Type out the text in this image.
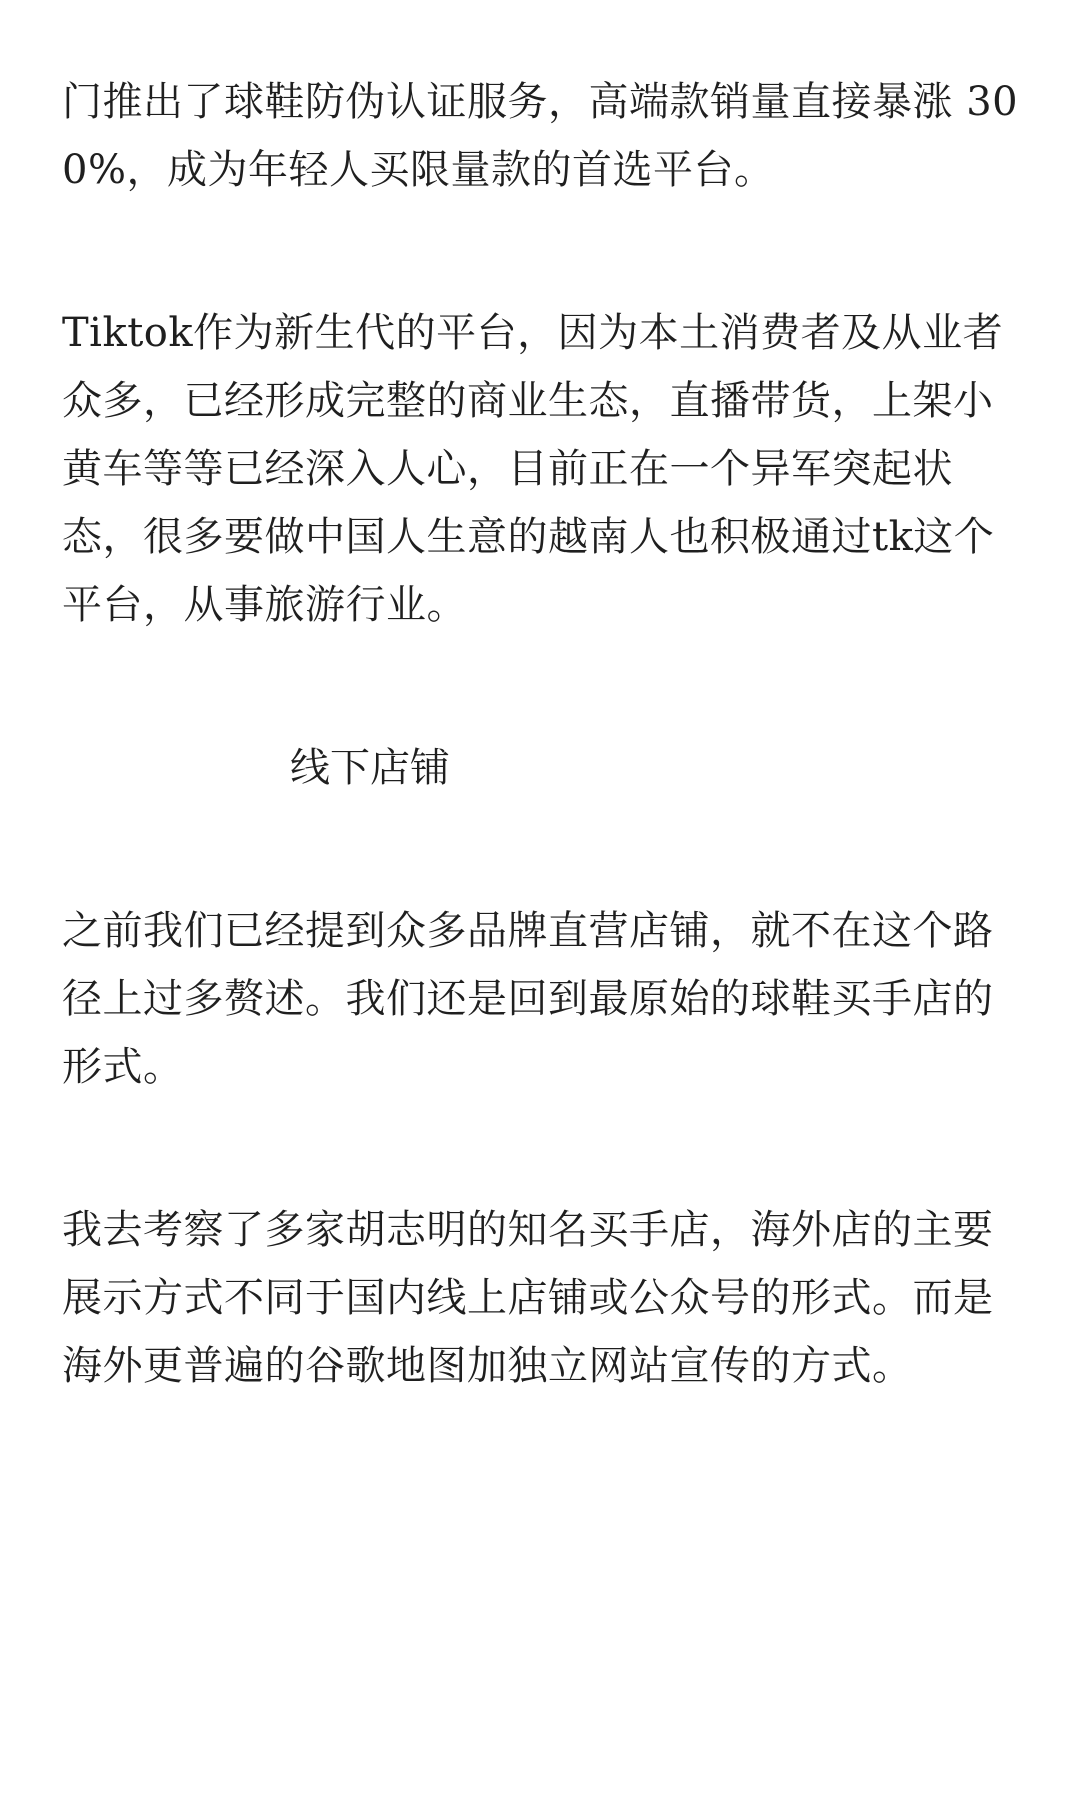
门推出了球鞋防伪认证服务，高端款销量直接暴涨 300%，成为年轻人买限量款的首选平台。

Tiktok作为新生代的平台，因为本土消费者及从业者众多，已经形成完整的商业生态，直播带货，上架小黄车等等已经深入人心，目前正在一个异军突起状态，很多要做中国人生意的越南人也积极通过tk这个平台，从事旅游行业。

线下店铺

之前我们已经提到众多品牌直营店铺，就不在这个路径上过多赘述。我们还是回到最原始的球鞋买手店的形式。

我去考察了多家胡志明的知名买手店，海外店的主要展示方式不同于国内线上店铺或公众号的形式。而是海外更普遍的谷歌地图加独立网站宣传的方式。
